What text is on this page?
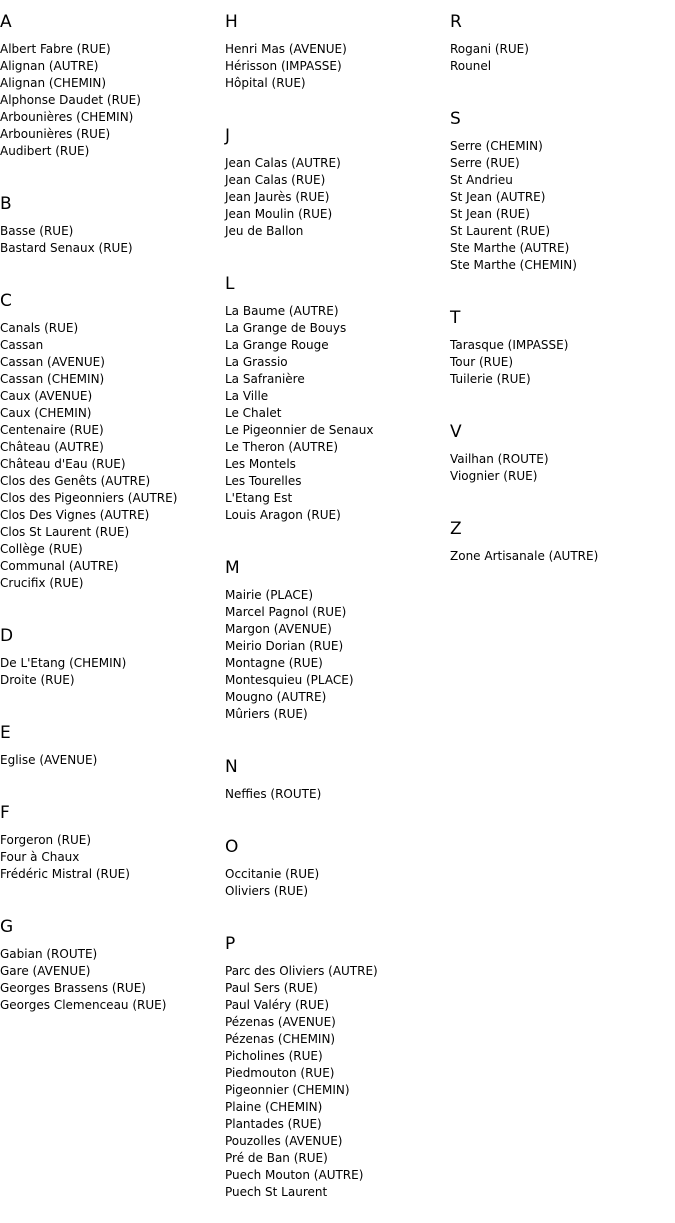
A
Albert Fabre (RUE)
Alignan (AUTRE)
Alignan (CHEMIN)
Alphonse Daudet (RUE)
Arbounières (CHEMIN)
Arbounières (RUE)
Audibert (RUE)
B
Basse (RUE)
Bastard Senaux (RUE)
C
Canals (RUE)
Cassan
Cassan (AVENUE)
Cassan (CHEMIN)
Caux (AVENUE)
Caux (CHEMIN)
Centenaire (RUE)
Château (AUTRE)
Château d'Eau (RUE)
Clos des Genêts (AUTRE)
Clos des Pigeonniers (AUTRE)
Clos Des Vignes (AUTRE)
Clos St Laurent (RUE)
Collège (RUE)
Communal (AUTRE)
Crucifix (RUE)
D
De L'Etang (CHEMIN)
Droite (RUE)
E
Eglise (AVENUE)
F
Forgeron (RUE)
Four à Chaux
Frédéric Mistral (RUE)
G
Gabian (ROUTE)
Gare (AVENUE)
Georges Brassens (RUE)
Georges Clemenceau (RUE)
H
Henri Mas (AVENUE)
Hérisson (IMPASSE)
Hôpital (RUE)
J
Jean Calas (AUTRE)
Jean Calas (RUE)
Jean Jaurès (RUE)
Jean Moulin (RUE)
Jeu de Ballon
L
La Baume (AUTRE)
La Grange de Bouys
La Grange Rouge
La Grassio
La Safranière
La Ville
Le Chalet
Le Pigeonnier de Senaux
Le Theron (AUTRE)
Les Montels
Les Tourelles
L'Etang Est
Louis Aragon (RUE)
M
Mairie (PLACE)
Marcel Pagnol (RUE)
Margon (AVENUE)
Meirio Dorian (RUE)
Montagne (RUE)
Montesquieu (PLACE)
Mougno (AUTRE)
Mûriers (RUE)
N
Neffies (ROUTE)
O
Occitanie (RUE)
Oliviers (RUE)
P
Parc des Oliviers (AUTRE)
Paul Sers (RUE)
Paul Valéry (RUE)
Pézenas (AVENUE)
Pézenas (CHEMIN)
Picholines (RUE)
Piedmouton (RUE)
Pigeonnier (CHEMIN)
Plaine (CHEMIN)
Plantades (RUE)
Pouzolles (AVENUE)
Pré de Ban (RUE)
Puech Mouton (AUTRE)
Puech St Laurent
R
Rogani (RUE)
Rounel
S
Serre (CHEMIN)
Serre (RUE)
St Andrieu
St Jean (AUTRE)
St Jean (RUE)
St Laurent (RUE)
Ste Marthe (AUTRE)
Ste Marthe (CHEMIN)
T
Tarasque (IMPASSE)
Tour (RUE)
Tuilerie (RUE)
V
Vailhan (ROUTE)
Viognier (RUE)
Z
Zone Artisanale (AUTRE)
